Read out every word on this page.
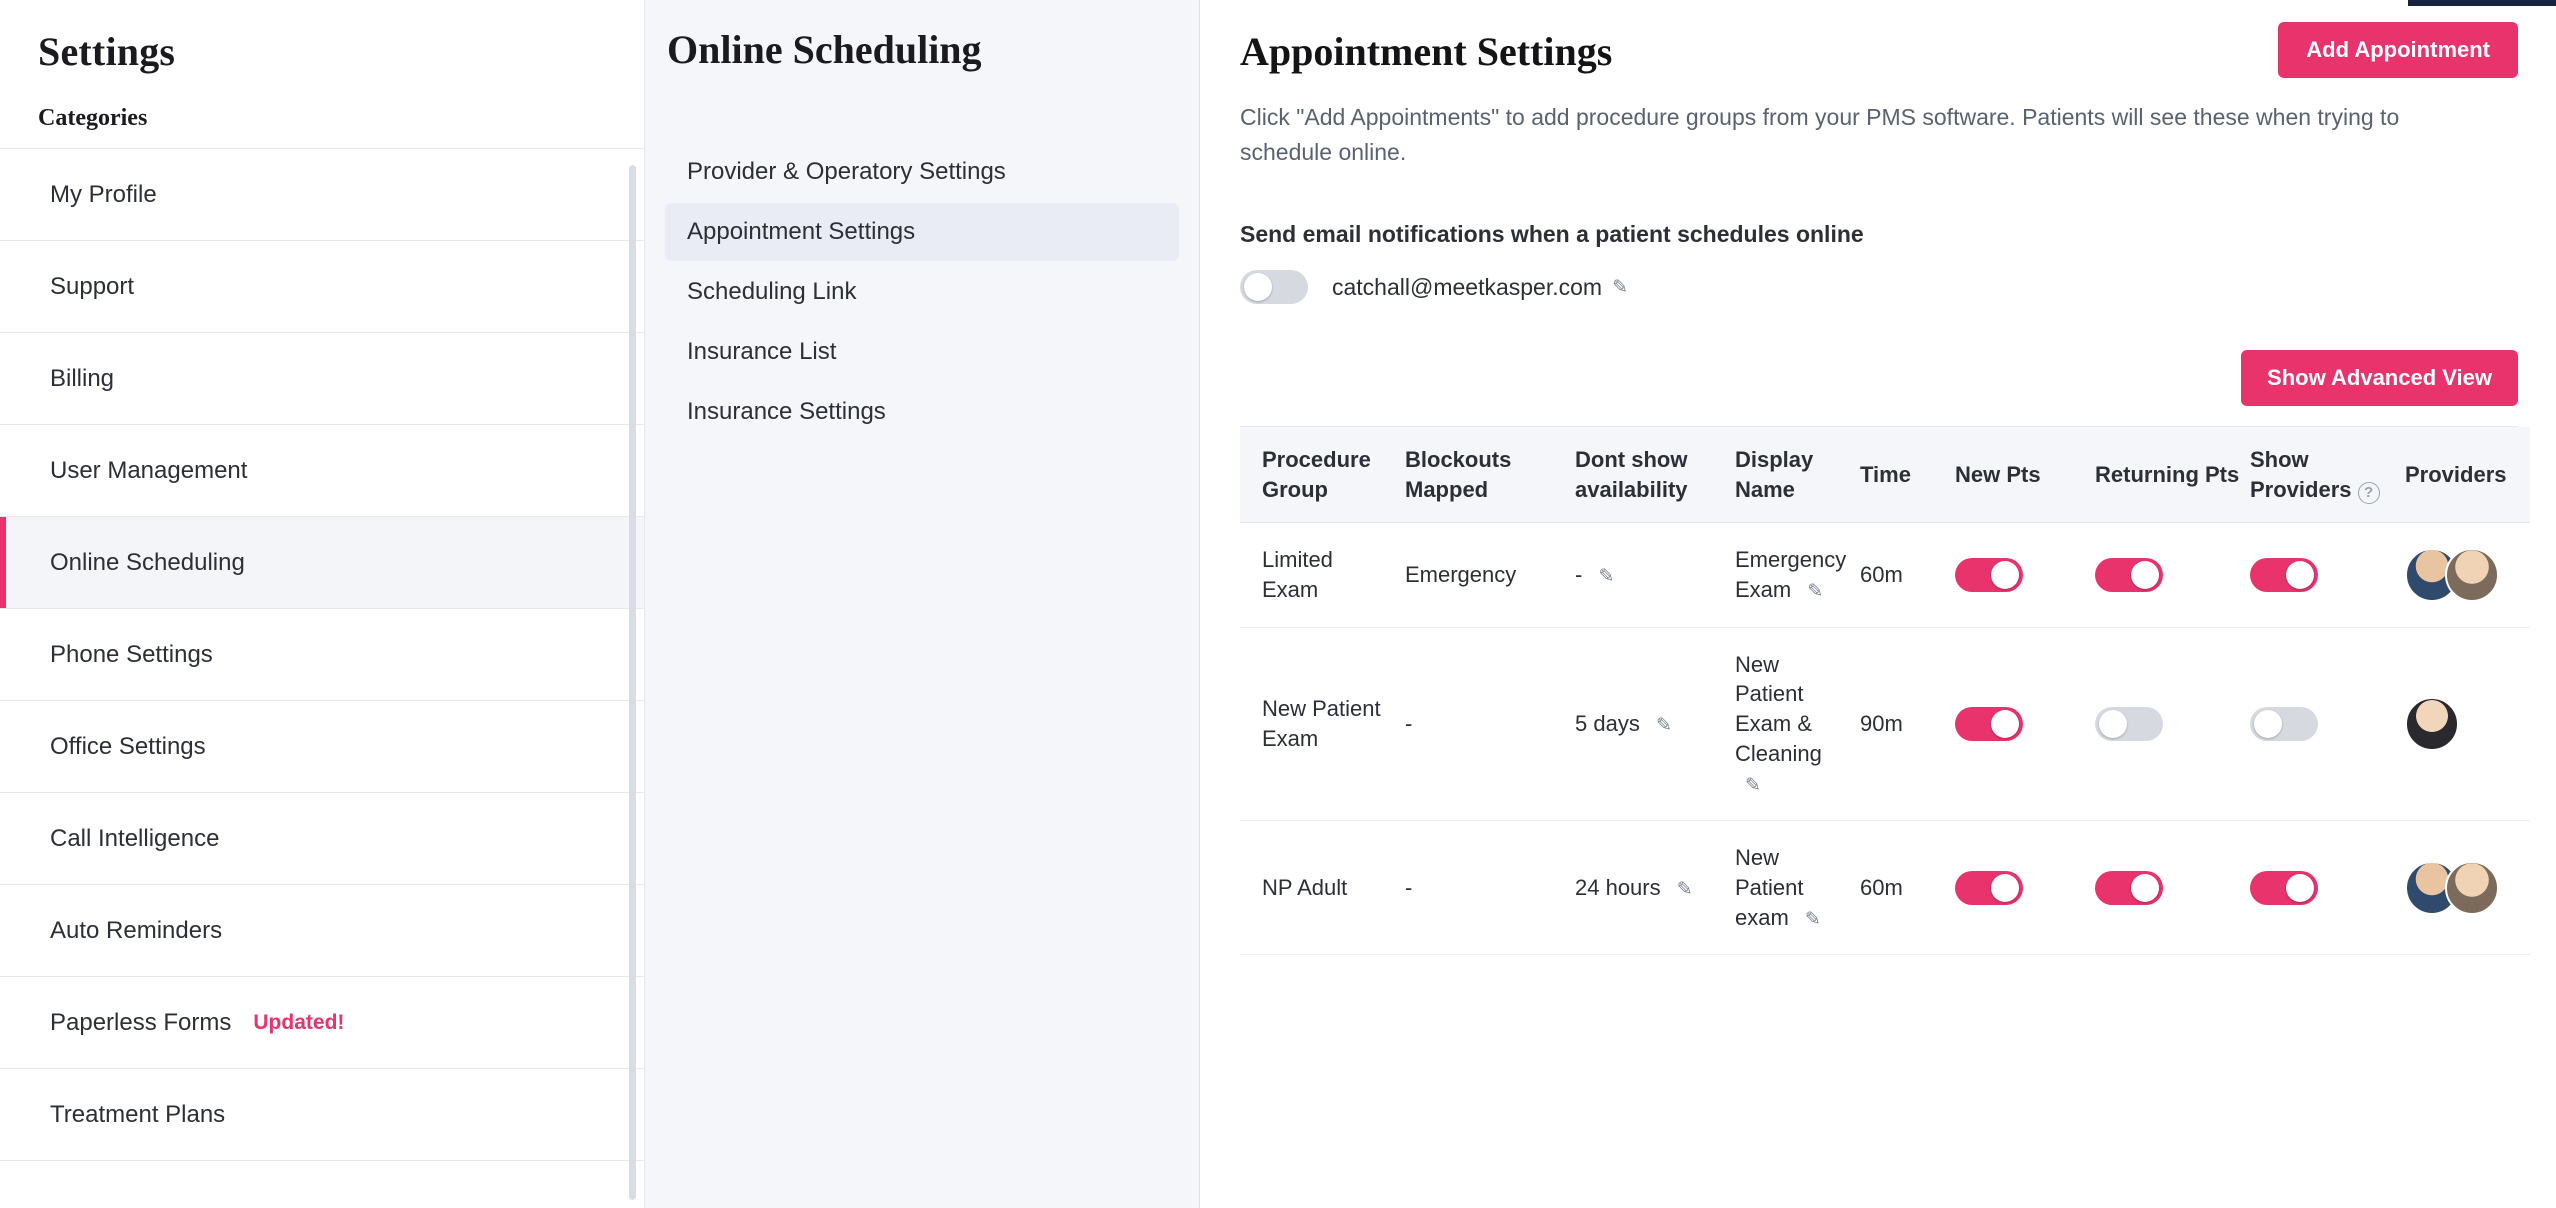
Settings
Categories
My Profile
Support
Billing
User Management
Online Scheduling
Phone Settings
Office Settings
Call Intelligence
Auto Reminders
Paperless Forms Updated!
Treatment Plans
Online Scheduling
Provider & Operatory Settings
Appointment Settings
Scheduling Link
Insurance List
Insurance Settings
Appointment Settings	Add Appointment
Click "Add Appointments" to add procedure groups from your PMS software. Patients will see these when trying to schedule online.
Send email notifications when a patient schedules online
catchall@meetkasper.com ✎
Show Advanced View
Procedure Group	Blockouts Mapped	Dont show availability	Display Name	Time	New Pts	Returning Pts	Show Providers ?	Providers
Limited Exam	Emergency	- ✎	Emergency Exam ✎	60m	

New Patient Exam	-	5 days ✎	New Patient Exam & Cleaning ✎	90m	

NP Adult	-	24 hours ✎	New Patient exam ✎	60m	
